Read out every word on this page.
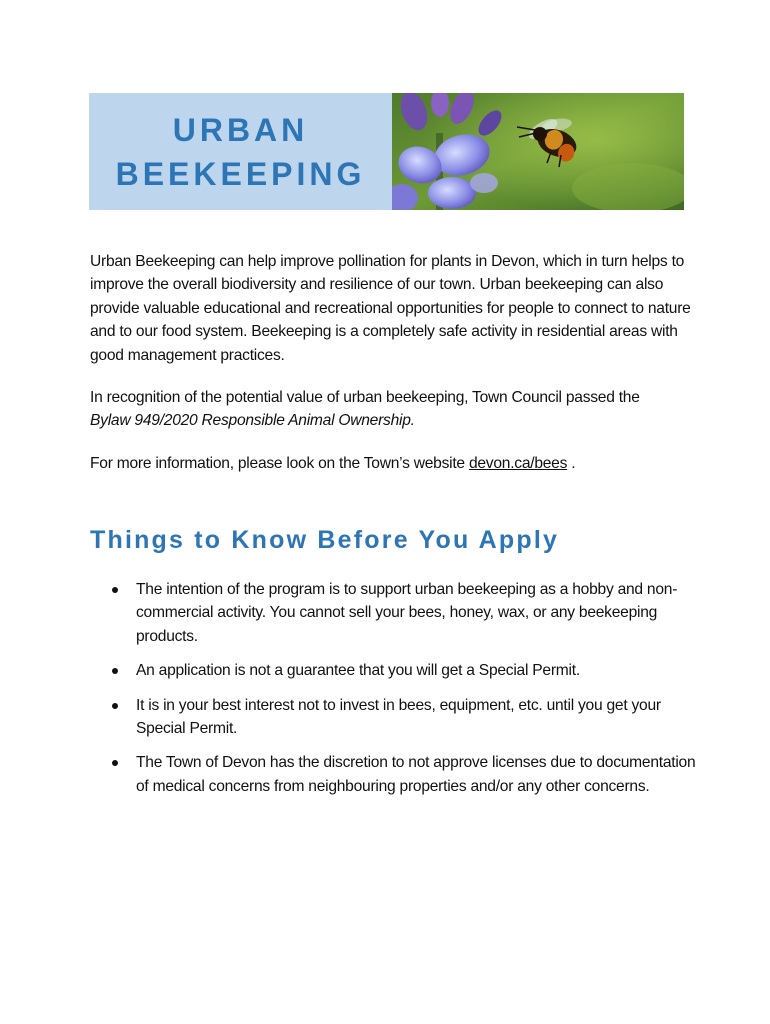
URBAN
BEEKEEPING

Urban Beekeeping can help improve pollination for plants in Devon, which in turn helps to improve the overall biodiversity and resilience of our town. Urban beekeeping can also provide valuable educational and recreational opportunities for people to connect to nature and to our food system. Beekeeping is a completely safe activity in residential areas with good management practices.

In recognition of the potential value of urban beekeeping, Town Council passed the
Bylaw 949/2020 Responsible Animal Ownership.

For more information, please look on the Town’s website devon.ca/bees .

Things to Know Before You Apply
The intention of the program is to support urban beekeeping as a hobby and non-commercial activity. You cannot sell your bees, honey, wax, or any beekeeping products.
An application is not a guarantee that you will get a Special Permit.
It is in your best interest not to invest in bees, equipment, etc. until you get your Special Permit.
The Town of Devon has the discretion to not approve licenses due to documentation of medical concerns from neighbouring properties and/or any other concerns.
